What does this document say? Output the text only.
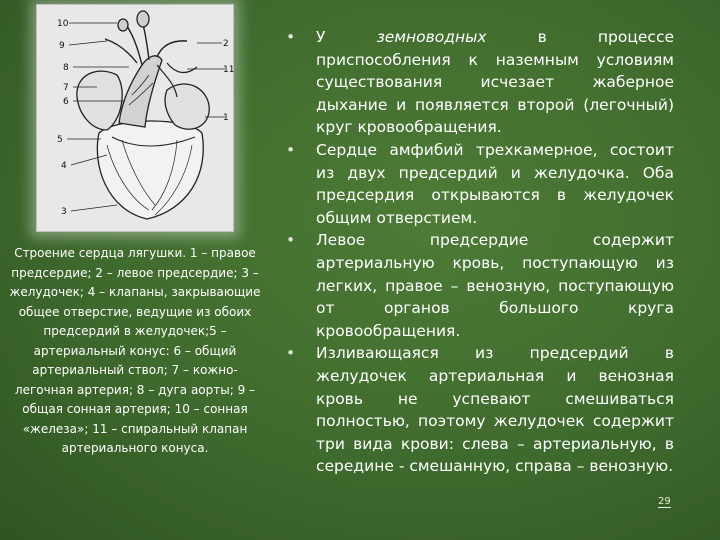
10
9
8
7
6
5
4
3
2
11
1
Строение сердца лягушки. 1 – правое предсердие; 2 – левое предсердие; 3 – желудочек; 4 – клапаны, закрывающие общее отверстие, ведущие из обоих предсердий в желудочек;5 – артериальный конус: 6 – общий артериальный ствол; 7 – кожно-легочная артерия; 8 – дуга аорты; 9 – общая сонная артерия; 10 – сонная «железа»; 11 – спиральный клапан артериального конуса.
• У земноводных в процессе приспособления к наземным условиям существования исчезает жаберное дыхание и появляется второй (легочный) круг кровообращения.
• Сердце амфибий трехкамерное, состоит из двух предсердий и желудочка. Оба предсердия открываются в желудочек общим отверстием.
• Левое предсердие содержит артериальную кровь, поступающую из легких, правое – венозную, поступающую от органов большого круга кровообращения.
• Изливающаяся из предсердий в желудочек артериальная и венозная кровь не успевают смешиваться полностью, поэтому желудочек содержит три вида крови: слева – артериальную, в середине - смешанную, справа – венозную.
29
